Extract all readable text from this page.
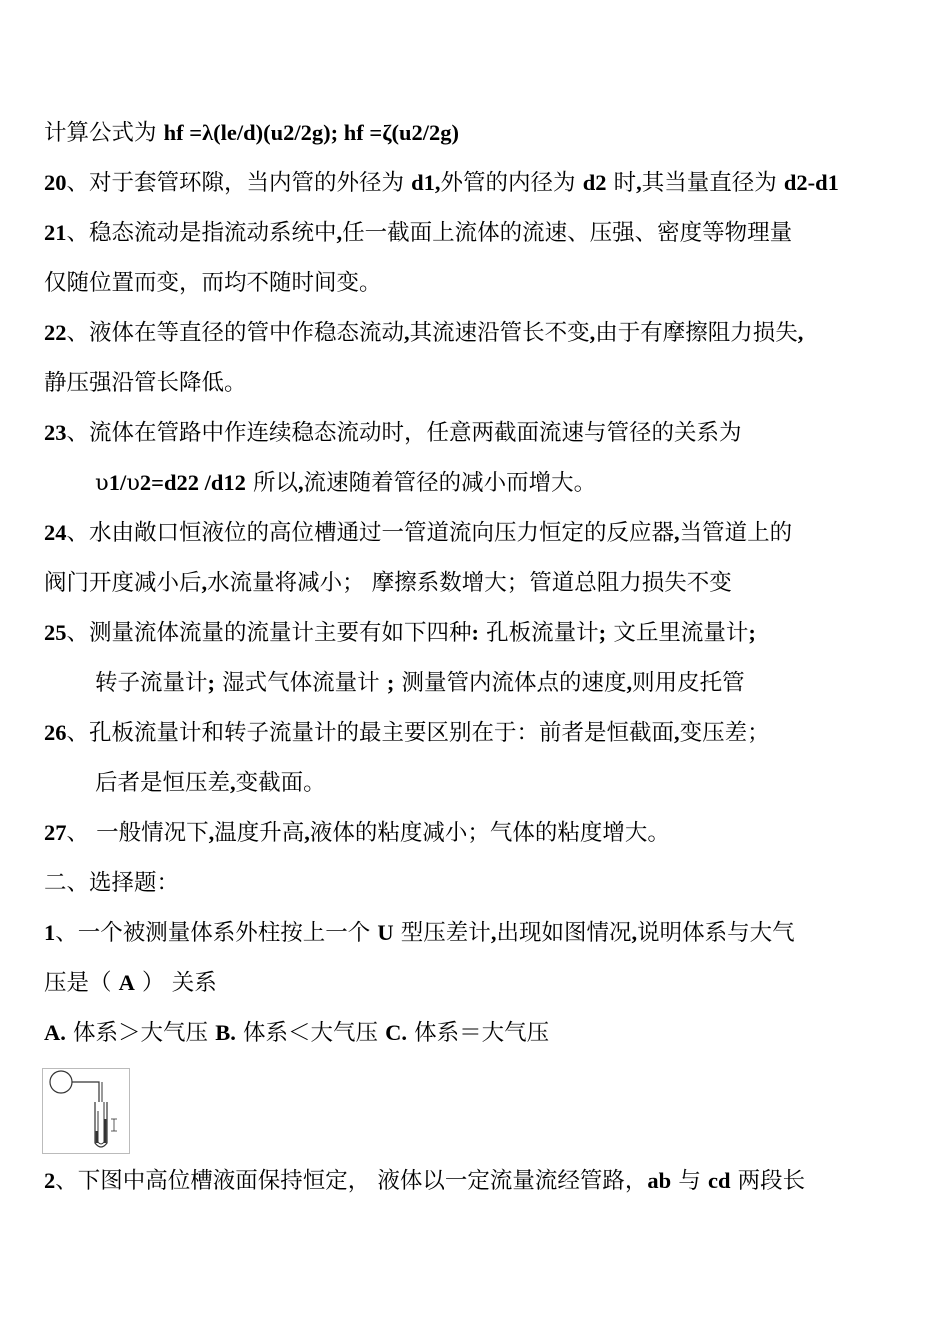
计算公式为 hf =λ(le/d)(u2/2g); hf =ζ(u2/2g)
20、对于套管环隙，当内管的外径为 d1,外管的内径为 d2 时,其当量直径为 d2-d1
21、稳态流动是指流动系统中,任一截面上流体的流速、压强、密度等物理量
仅随位置而变，而均不随时间变。
22、液体在等直径的管中作稳态流动,其流速沿管长不变,由于有摩擦阻力损失,
静压强沿管长降低。
23、流体在管路中作连续稳态流动时，任意两截面流速与管径的关系为
υ1/υ2=d22 /d12 所以,流速随着管径的减小而增大。
24、水由敞口恒液位的高位槽通过一管道流向压力恒定的反应器,当管道上的
阀门开度减小后,水流量将减小； 摩擦系数增大；管道总阻力损失不变
25、测量流体流量的流量计主要有如下四种: 孔板流量计; 文丘里流量计;
转子流量计; 湿式气体流量计 ; 测量管内流体点的速度,则用皮托管
26、孔板流量计和转子流量计的最主要区别在于：前者是恒截面,变压差；
后者是恒压差,变截面。
27、 一般情况下,温度升高,液体的粘度减小；气体的粘度增大。
二、选择题：
1、一个被测量体系外柱按上一个 U 型压差计,出现如图情况,说明体系与大气
压是（ A ） 关系
A. 体系＞大气压 B. 体系＜大气压 C. 体系＝大气压
2、下图中高位槽液面保持恒定， 液体以一定流量流经管路，ab 与 cd 两段长
